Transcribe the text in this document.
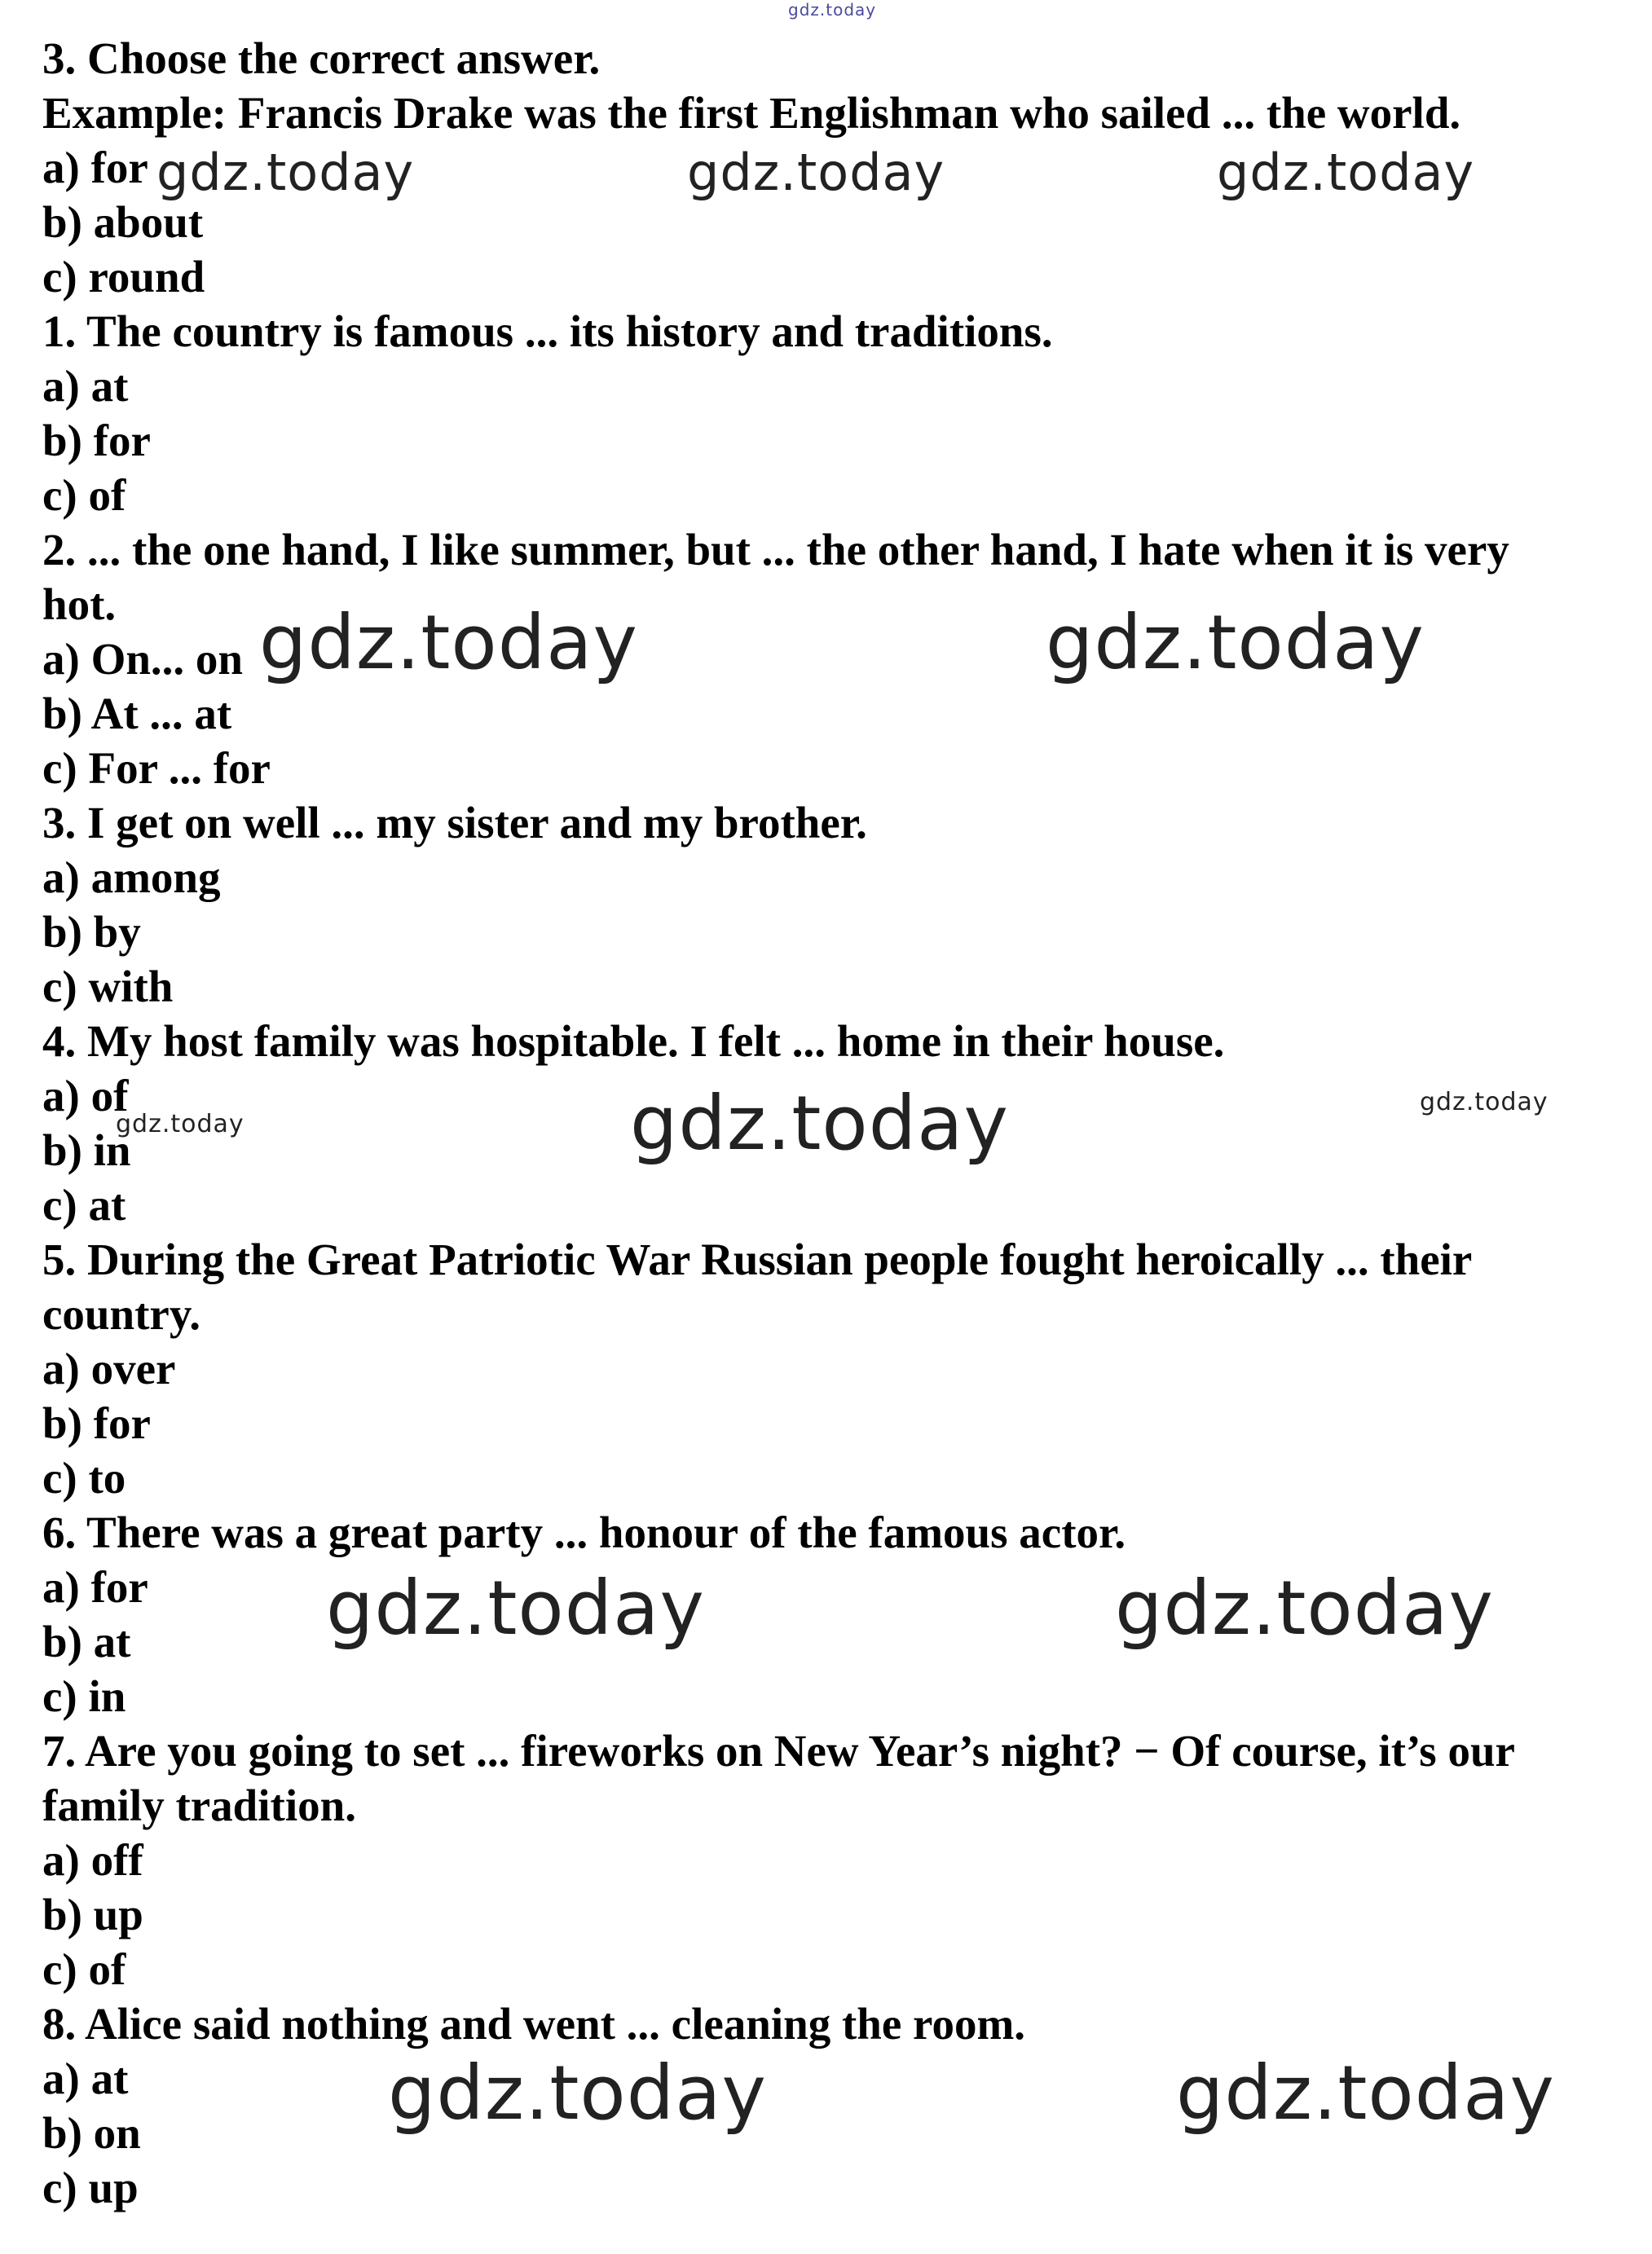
3. Choose the correct answer.
Example: Francis Drake was the first Englishman who sailed ... the world.
a) for
b) about
c) round
1. The country is famous ... its history and traditions.
a) at
b) for
c) of
2. ... the one hand, I like summer, but ... the other hand, I hate when it is very
hot.
a) On... on
b) At ... at
c) For ... for
3. I get on well ... my sister and my brother.
a) among
b) by
c) with
4. My host family was hospitable. I felt ... home in their house.
a) of
b) in
c) at
5. During the Great Patriotic War Russian people fought heroically ... their
country.
a) over
b) for
c) to
6. There was a great party ... honour of the famous actor.
a) for
b) at
c) in
7. Are you going to set ... fireworks on New Year’s night? − Of course, it’s our
family tradition.
a) off
b) up
c) of
8. Alice said nothing and went ... cleaning the room.
a) at
b) on
c) up
gdz.today
gdz.today	gdz.today	gdz.today
gdz.today	gdz.today
gdz.today	gdz.today	gdz.today
gdz.today	gdz.today
gdz.today	gdz.today
